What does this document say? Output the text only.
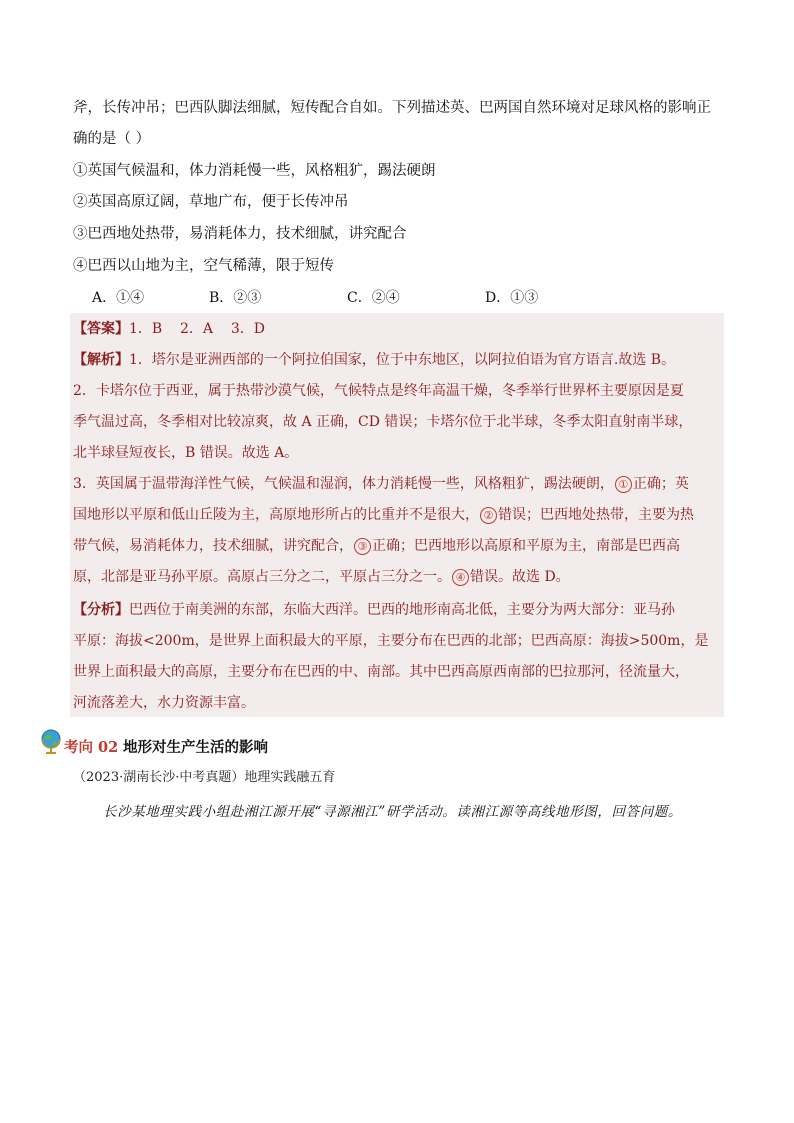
斧，长传冲吊；巴西队脚法细腻，短传配合自如。下列描述英、巴两国自然环境对足球风格的影响正
确的是（ ）
①英国气候温和，体力消耗慢一些，风格粗犷，踢法硬朗
②英国高原辽阔，草地广布，便于长传冲吊
③巴西地处热带，易消耗体力，技术细腻，讲究配合
④巴西以山地为主，空气稀薄，限于短传
A．①④	B．②③	C．②④	D．①③
【答案】1．B    2．A    3．D
【解析】1．塔尔是亚洲西部的一个阿拉伯国家，位于中东地区，以阿拉伯语为官方语言.故选 B。
2．卡塔尔位于西亚，属于热带沙漠气候，气候特点是终年高温干燥，冬季举行世界杯主要原因是夏
季气温过高，冬季相对比较凉爽，故 A 正确，CD 错误；卡塔尔位于北半球，冬季太阳直射南半球，
北半球昼短夜长，B 错误。故选 A。
3．英国属于温带海洋性气候，气候温和湿润，体力消耗慢一些，风格粗犷，踢法硬朗， ① 正确；英
国地形以平原和低山丘陵为主，高原地形所占的比重并不是很大， ② 错误；巴西地处热带，主要为热
带气候，易消耗体力，技术细腻，讲究配合， ③ 正确；巴西地形以高原和平原为主，南部是巴西高
原，北部是亚马孙平原。高原占三分之二，平原占三分之一。 ④ 错误。故选 D。
【分析】巴西位于南美洲的东部，东临大西洋。巴西的地形南高北低，主要分为两大部分：亚马孙
平原：海拔<200m，是世界上面积最大的平原，主要分布在巴西的北部；巴西高原：海拔>500m，是
世界上面积最大的高原，主要分布在巴西的中、南部。其中巴西高原西南部的巴拉那河，径流量大，
河流落差大，水力资源丰富。
考向 02 地形对生产生活的影响
（2023·湖南长沙·中考真题）地理实践融五育
长沙某地理实践小组赴湘江源开展“寻源湘江”研学活动。读湘江源等高线地形图，回答问题。
